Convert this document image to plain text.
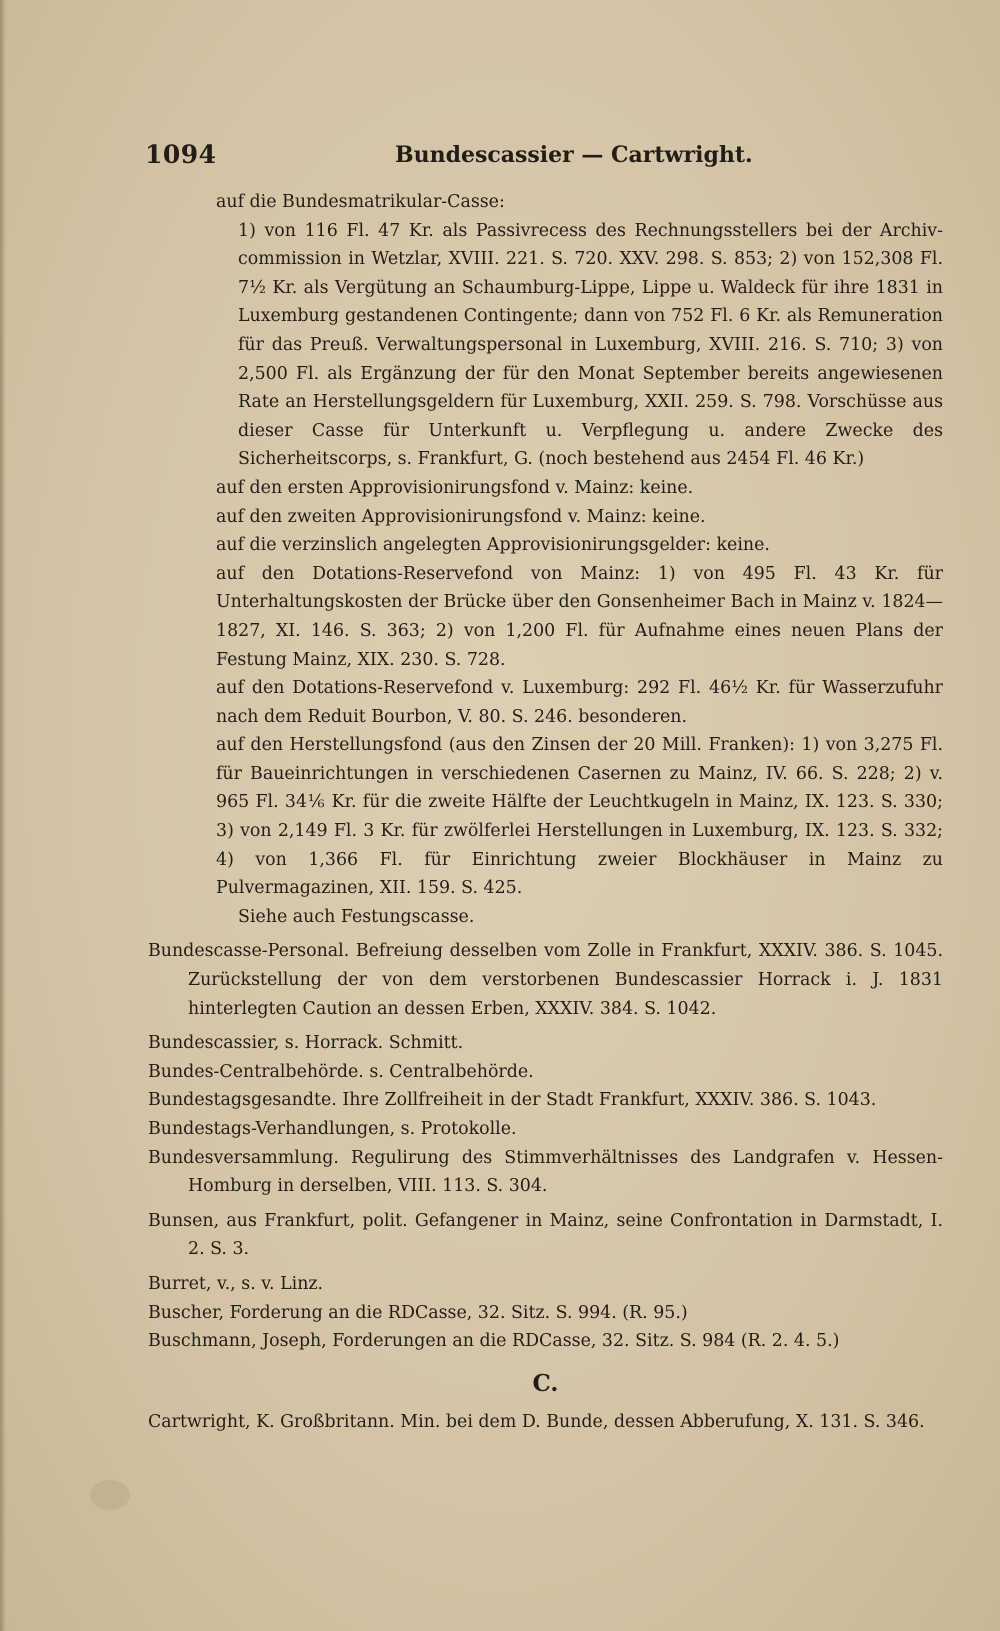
1094	Bundescassier — Cartwright.

auf die Bundesmatrikular-Casse:

1) von 116 Fl. 47 Kr. als Passivrecess des Rechnungsstellers bei der Archiv-commission in Wetzlar, XVIII. 221. S. 720. XXV. 298. S. 853; 2) von 152,308 Fl. 7½ Kr. als Vergütung an Schaumburg-Lippe, Lippe u. Waldeck für ihre 1831 in Luxemburg gestandenen Contingente; dann von 752 Fl. 6 Kr. als Remuneration für das Preuß. Verwaltungspersonal in Luxemburg, XVIII. 216. S. 710; 3) von 2,500 Fl. als Ergänzung der für den Monat September bereits angewiesenen Rate an Herstellungsgeldern für Luxemburg, XXII. 259. S. 798. Vorschüsse aus dieser Casse für Unterkunft u. Verpflegung u. andere Zwecke des Sicherheitscorps, s. Frankfurt, G. (noch bestehend aus 2454 Fl. 46 Kr.)

auf den ersten Approvisionirungsfond v. Mainz: keine.

auf den zweiten Approvisionirungsfond v. Mainz: keine.

auf die verzinslich angelegten Approvisionirungsgelder: keine.

auf den Dotations-Reservefond von Mainz: 1) von 495 Fl. 43 Kr. für Unterhaltungskosten der Brücke über den Gonsenheimer Bach in Mainz v. 1824—1827, XI. 146. S. 363; 2) von 1,200 Fl. für Aufnahme eines neuen Plans der Festung Mainz, XIX. 230. S. 728.

auf den Dotations-Reservefond v. Luxemburg: 292 Fl. 46½ Kr. für Wasserzufuhr nach dem Reduit Bourbon, V. 80. S. 246. besonderen.

auf den Herstellungsfond (aus den Zinsen der 20 Mill. Franken): 1) von 3,275 Fl. für Baueinrichtungen in verschiedenen Casernen zu Mainz, IV. 66. S. 228; 2) v. 965 Fl. 34⅙ Kr. für die zweite Hälfte der Leuchtkugeln in Mainz, IX. 123. S. 330; 3) von 2,149 Fl. 3 Kr. für zwölferlei Herstellungen in Luxemburg, IX. 123. S. 332; 4) von 1,366 Fl. für Einrichtung zweier Blockhäuser in Mainz zu Pulvermagazinen, XII. 159. S. 425.

Siehe auch Festungscasse.

Bundescasse-Personal. Befreiung desselben vom Zolle in Frankfurt, XXXIV. 386. S. 1045. Zurückstellung der von dem verstorbenen Bundescassier Horrack i. J. 1831 hinterlegten Caution an dessen Erben, XXXIV. 384. S. 1042.

Bundescassier, s. Horrack. Schmitt.

Bundes-Centralbehörde. s. Centralbehörde.

Bundestagsgesandte. Ihre Zollfreiheit in der Stadt Frankfurt, XXXIV. 386. S. 1043.

Bundestags-Verhandlungen, s. Protokolle.

Bundesversammlung. Regulirung des Stimmverhältnisses des Landgrafen v. Hessen-Homburg in derselben, VIII. 113. S. 304.

Bunsen, aus Frankfurt, polit. Gefangener in Mainz, seine Confrontation in Darmstadt, I. 2. S. 3.

Burret, v., s. v. Linz.

Buscher, Forderung an die RDCasse, 32. Sitz. S. 994. (R. 95.)

Buschmann, Joseph, Forderungen an die RDCasse, 32. Sitz. S. 984 (R. 2. 4. 5.)

C.

Cartwright, K. Großbritann. Min. bei dem D. Bunde, dessen Abberufung, X. 131. S. 346.
